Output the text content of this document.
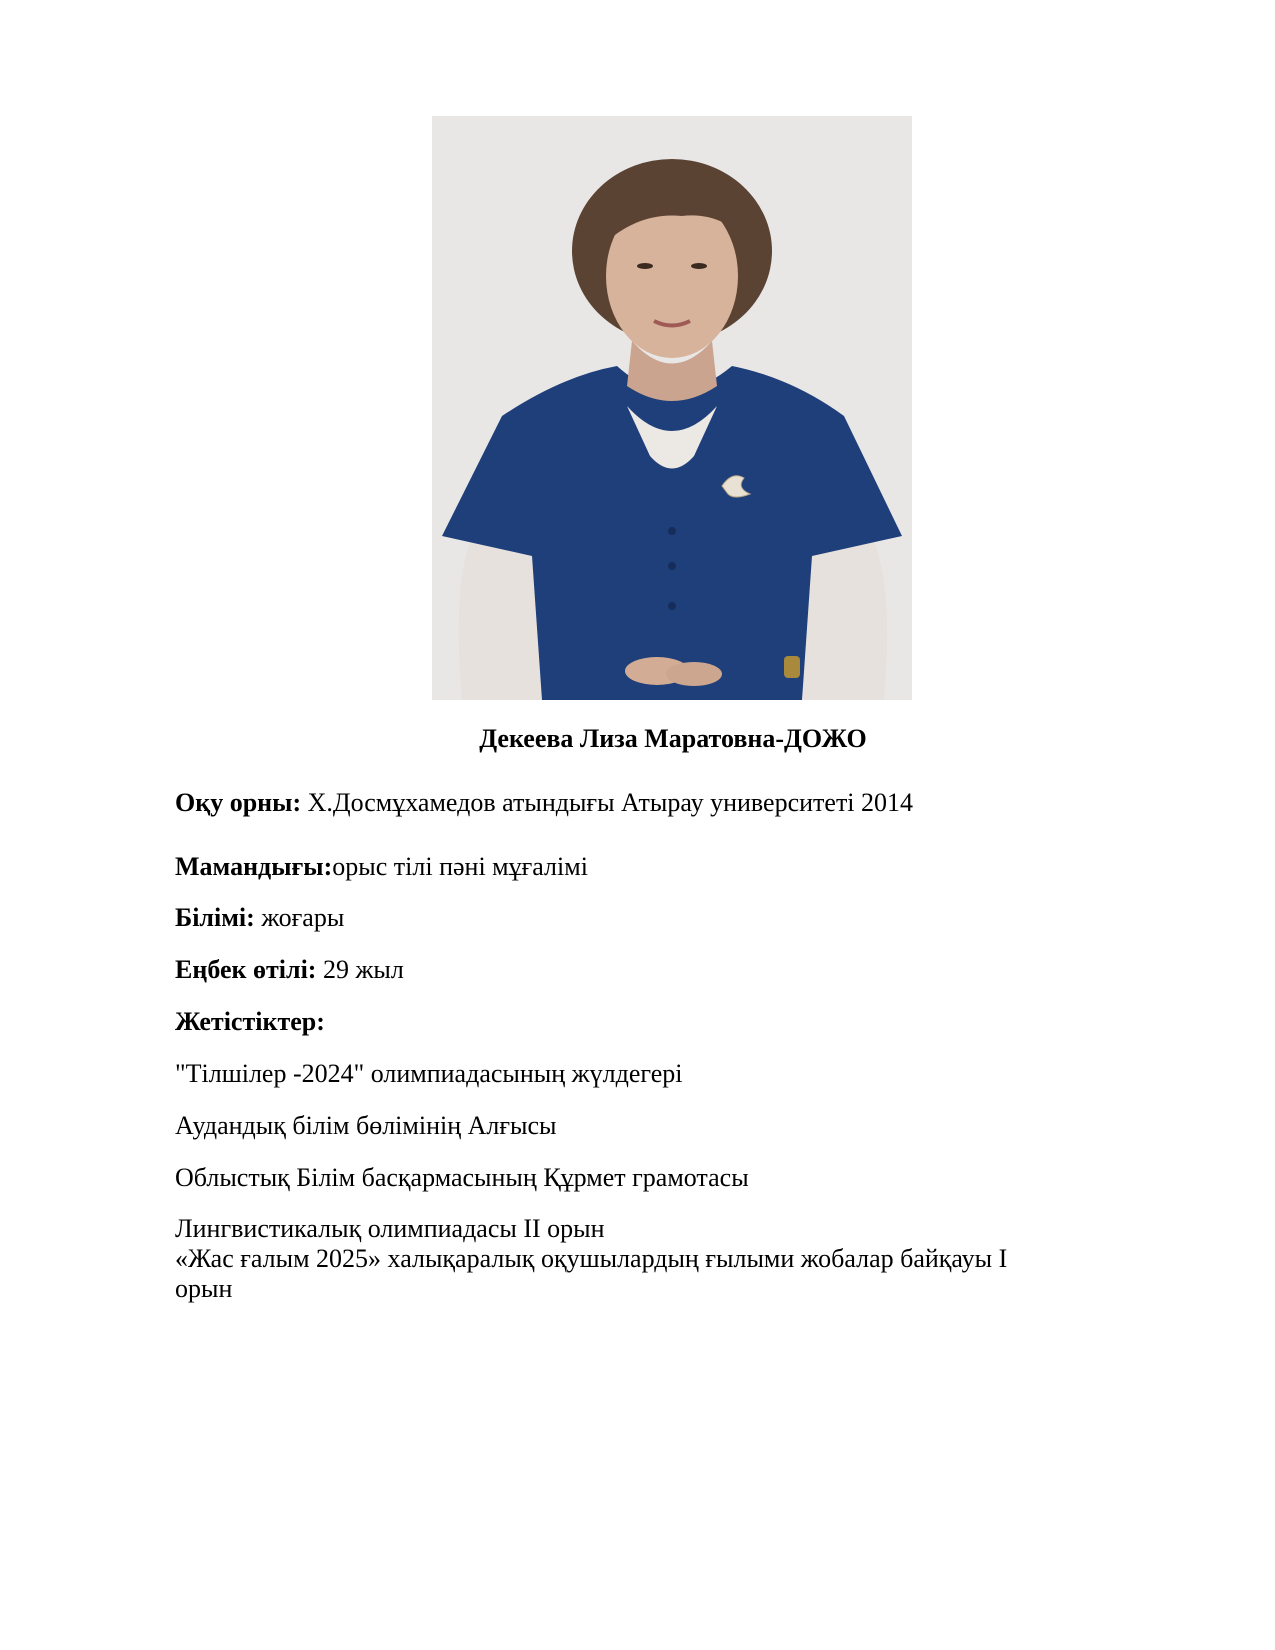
Декеева Лиза Маратовна-ДОЖО
Оқу орны: Х.Досмұхамедов атындығы Атырау университеті 2014
Мамандығы:орыс тілі пәні мұғалімі
Білімі: жоғары
Еңбек өтілі: 29 жыл
Жетістіктер:
"Тілшілер -2024" олимпиадасының жүлдегері
Аудандық білім бөлімінің Алғысы
Облыстық Білім басқармасының Құрмет грамотасы
Лингвистикалық олимпиадасы II орын
«Жас ғалым 2025» халықаралық оқушылардың ғылыми жобалар байқауы I
орын
